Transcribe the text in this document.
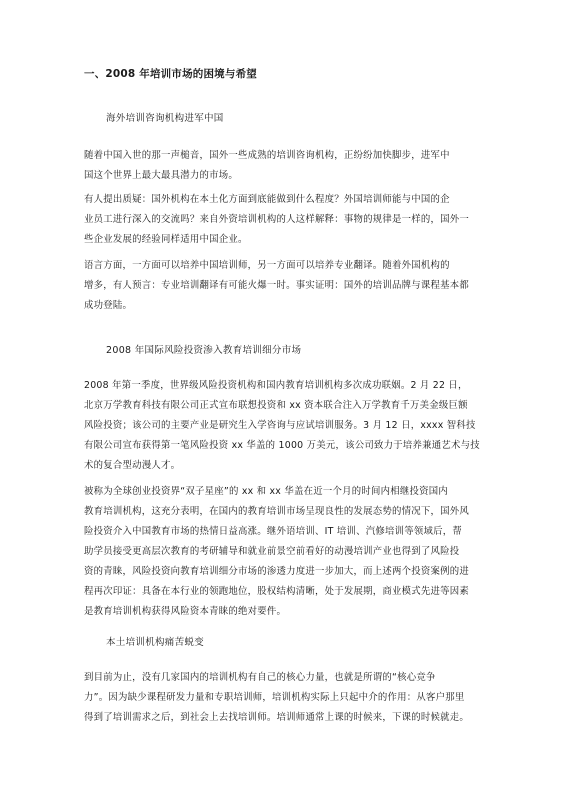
一、2008 年培训市场的困境与希望
海外培训咨询机构进军中国
随着中国入世的那一声槌音，国外一些成熟的培训咨询机构，正纷纷加快脚步，进军中
国这个世界上最大最具潜力的市场。
有人提出质疑：国外机构在本土化方面到底能做到什么程度？外国培训师能与中国的企
业员工进行深入的交流吗？来自外资培训机构的人这样解释：事物的规律是一样的，国外一
些企业发展的经验同样适用中国企业。
语言方面，一方面可以培养中国培训师，另一方面可以培养专业翻译。随着外国机构的
增多，有人预言：专业培训翻译有可能火爆一时。事实证明：国外的培训品牌与课程基本都
成功登陆。
2008 年国际风险投资渗入教育培训细分市场
2008 年第一季度，世界级风险投资机构和国内教育培训机构多次成功联姻。2 月 22 日，
北京万学教育科技有限公司正式宣布联想投资和 xx 资本联合注入万学教育千万美金级巨额
风险投资；该公司的主要产业是研究生入学咨询与应试培训服务。3 月 12 日，xxxx 智科技
有限公司宣布获得第一笔风险投资 xx 华盖的 1000 万美元，该公司致力于培养兼通艺术与技
术的复合型动漫人才。
被称为全球创业投资界“双子星座”的 xx 和 xx 华盖在近一个月的时间内相继投资国内
教育培训机构，这充分表明，在国内的教育培训市场呈现良性的发展态势的情况下，国外风
险投资介入中国教育市场的热情日益高涨。继外语培训、IT 培训、汽修培训等领域后，帮
助学员接受更高层次教育的考研辅导和就业前景空前看好的动漫培训产业也得到了风险投
资的青睐，风险投资向教育培训细分市场的渗透力度进一步加大，而上述两个投资案例的进
程再次印证：具备在本行业的领跑地位，股权结构清晰，处于发展期，商业模式先进等因素
是教育培训机构获得风险资本青睐的绝对要件。
本土培训机构痛苦蜕变
到目前为止，没有几家国内的培训机构有自己的核心力量，也就是所谓的“核心竞争
力”。因为缺少课程研发力量和专职培训师，培训机构实际上只起中介的作用：从客户那里
得到了培训需求之后，到社会上去找培训师。培训师通常上课的时候来，下课的时候就走。
